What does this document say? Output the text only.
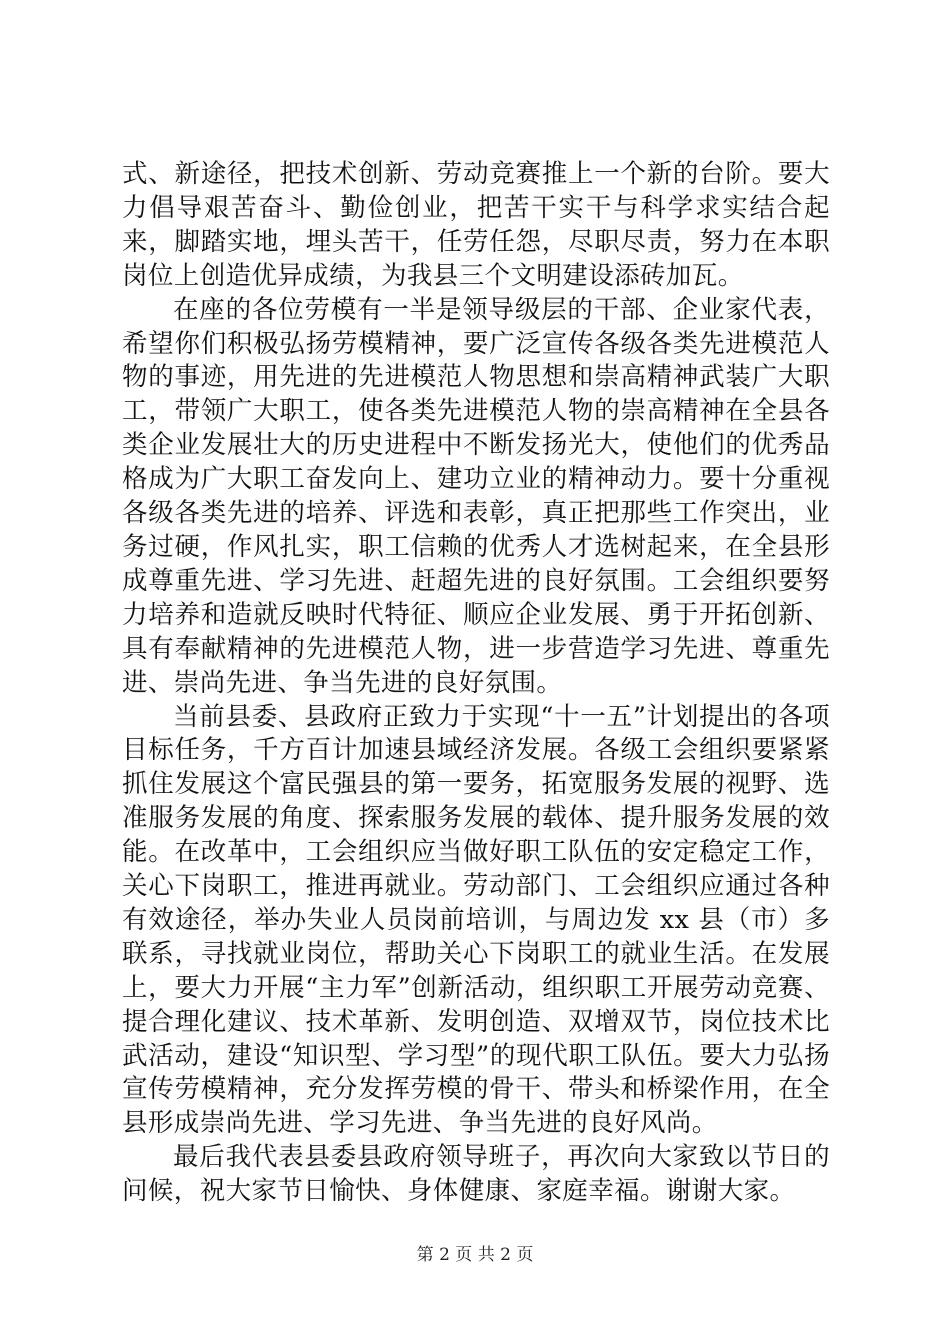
式、新途径，把技术创新、劳动竞赛推上一个新的台阶。要大力倡导艰苦奋斗、勤俭创业，把苦干实干与科学求实结合起来，脚踏实地，埋头苦干，任劳任怨，尽职尽责，努力在本职岗位上创造优异成绩，为我县三个文明建设添砖加瓦。

在座的各位劳模有一半是领导级层的干部、企业家代表，希望你们积极弘扬劳模精神，要广泛宣传各级各类先进模范人物的事迹，用先进的先进模范人物思想和崇高精神武装广大职工，带领广大职工，使各类先进模范人物的崇高精神在全县各类企业发展壮大的历史进程中不断发扬光大，使他们的优秀品格成为广大职工奋发向上、建功立业的精神动力。要十分重视各级各类先进的培养、评选和表彰，真正把那些工作突出，业务过硬，作风扎实，职工信赖的优秀人才选树起来，在全县形成尊重先进、学习先进、赶超先进的良好氛围。工会组织要努力培养和造就反映时代特征、顺应企业发展、勇于开拓创新、具有奉献精神的先进模范人物，进一步营造学习先进、尊重先进、崇尚先进、争当先进的良好氛围。

当前县委、县政府正致力于实现“十一五”计划提出的各项目标任务，千方百计加速县域经济发展。各级工会组织要紧紧抓住发展这个富民强县的第一要务，拓宽服务发展的视野、选准服务发展的角度、探索服务发展的载体、提升服务发展的效能。在改革中，工会组织应当做好职工队伍的安定稳定工作，关心下岗职工，推进再就业。劳动部门、工会组织应通过各种有效途径，举办失业人员岗前培训，与周边发 xx 县（市）多联系，寻找就业岗位，帮助关心下岗职工的就业生活。在发展上，要大力开展“主力军”创新活动，组织职工开展劳动竞赛、提合理化建议、技术革新、发明创造、双增双节，岗位技术比武活动，建设“知识型、学习型”的现代职工队伍。要大力弘扬宣传劳模精神，充分发挥劳模的骨干、带头和桥梁作用，在全县形成崇尚先进、学习先进、争当先进的良好风尚。

最后我代表县委县政府领导班子，再次向大家致以节日的问候，祝大家节日愉快、身体健康、家庭幸福。谢谢大家。

第 2 页 共 2 页
